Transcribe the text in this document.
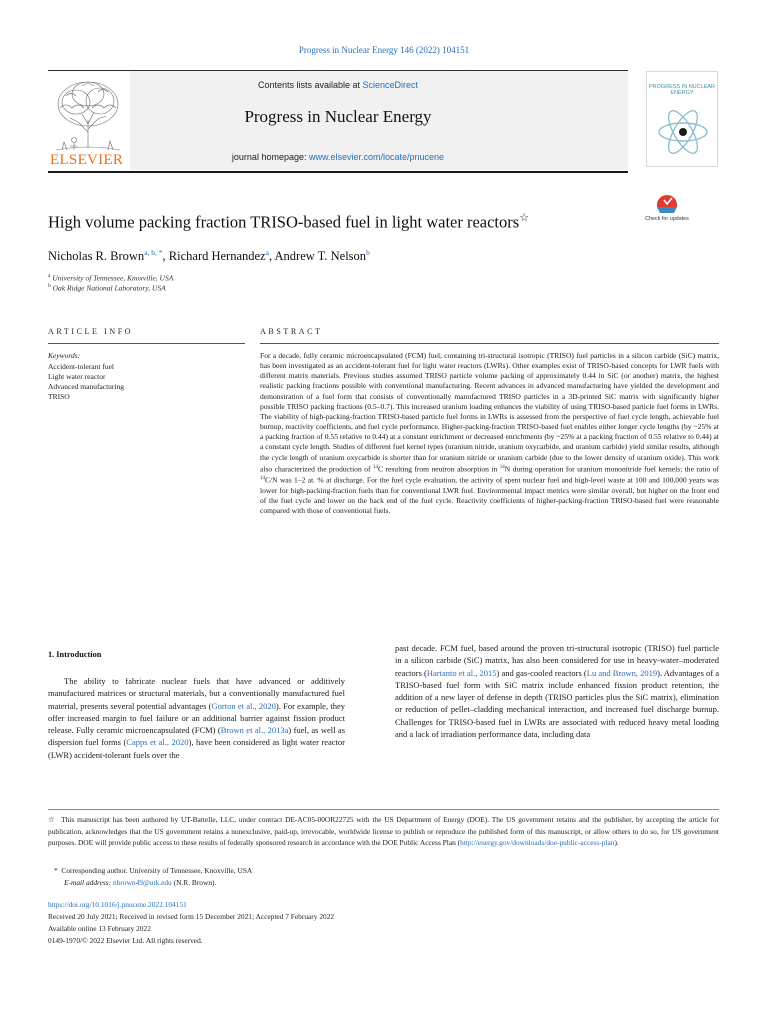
Progress in Nuclear Energy 146 (2022) 104151
ELSEVIER
Contents lists available at ScienceDirect
Progress in Nuclear Energy
journal homepage: www.elsevier.com/locate/pnucene
PROGRESS IN NUCLEAR ENERGY
High volume packing fraction TRISO-based fuel in light water reactors☆	Check for updates
Nicholas R. Brown$^{a, b, *}$, Richard Hernandez$^a$, Andrew T. Nelson$^b$
$^a$ University of Tennessee, Knoxville, USA
$^b$ Oak Ridge National Laboratory, USA
ARTICLE INFO	ABSTRACT
Keywords:
Accident-tolerant fuel
Light water reactor
Advanced manufacturing
TRISO
For a decade, fully ceramic microencapsulated (FCM) fuel, containing tri-structural isotropic (TRISO) fuel particles in a silicon carbide (SiC) matrix, has been investigated as an accident-tolerant fuel for light water reactors (LWRs). Other examples exist of TRISO-based concepts for LWR fuels with different matrix materials. Previous studies assumed TRISO particle volume packing of approximately 0.44 in SiC (or another) matrix, the highest realistic packing fractions possible with conventional manufacturing. Recent advances in advanced manufacturing have yielded the development and demonstration of a fuel form that consists of conventionally manufactured TRISO particles in a 3D-printed SiC matrix with significantly higher possible TRISO packing fractions (0.5–0.7). This increased uranium loading enhances the viability of using TRISO-based particle fuel forms in LWRs. The viability of high-packing-fraction TRISO-based particle fuel forms in LWRs is assessed from the perspective of fuel cycle length, achievable fuel burnup, reactivity coefficients, and fuel cycle performance. Higher-packing-fraction TRISO-based fuel enables either longer cycle lengths (by ~25% at a packing fraction of 0.55 relative to 0.44) at a constant enrichment or decreased enrichments (by ~25% at a packing fraction of 0.55 relative to 0.44) at a constant cycle length. Studies of different fuel kernel types (uranium nitride, uranium oxycarbide, and uranium carbide) yield similar results, although the cycle length of uranium oxycarbide is shorter than for uranium nitride or uranium carbide (due to the lower density of uranium oxide). This work also characterized the production of $^{14}$C resulting from neutron absorption in $^{14}$N during operation for uranium mononitride fuel kernels; the ratio of $^{14}$C/N was 1–2 at. % at discharge. For the fuel cycle evaluation, the activity of spent nuclear fuel and high-level waste at 100 and 100,000 years was lower for high-packing-fraction fuels than for conventional LWR fuel. Environmental impact metrics were similar overall, but higher on the front end of the fuel cycle and lower on the back end of the fuel cycle. Reactivity coefficients of higher-packing-fraction TRISO-based fuel were reasonable compared with those of conventional fuels.
1. Introduction
The ability to fabricate nuclear fuels that have advanced or additively manufactured matrices or structural materials, but a conventionally manufactured fuel material, presents several potential advantages (Gorton et al., 2020). For example, they offer increased margin to fuel failure or an additional barrier against fission product release. Fully ceramic microencapsulated (FCM) (Brown et al., 2013a) fuel, as well as dispersion fuel forms (Capps et al., 2020), have been considered as light water reactor (LWR) accident-tolerant fuels over the
past decade. FCM fuel, based around the proven tri-structural isotropic (TRISO) fuel particle in a silicon carbide (SiC) matrix, has also been considered for use in heavy-water–moderated reactors (Hartanto et al., 2015) and gas-cooled reactors (Lu and Brown, 2019). Advantages of a TRISO-based fuel form with SiC matrix include enhanced fission product retention, the addition of a new layer of defense in depth (TRISO particles plus the SiC matrix), elimination or reduction of pellet–cladding mechanical interaction, and increased fuel discharge burnup. Challenges for TRISO-based fuel in LWRs are associated with reduced heavy metal loading and a lack of irradiation performance data, including data
☆ This manuscript has been authored by UT-Battelle, LLC, under contract DE-AC05-00OR22725 with the US Department of Energy (DOE). The US government retains and the publisher, by accepting the article for publication, acknowledges that the US government retains a nonexclusive, paid-up, irrevocable, worldwide license to publish or reproduce the published form of this manuscript, or allow others to do so, for US government purposes. DOE will provide public access to these results of federally sponsored research in accordance with the DOE Public Access Plan (http://energy.gov/downloads/doe-public-access-plan).
* Corresponding author. University of Tennessee, Knoxville, USA
E-mail address: nbrown49@utk.edu (N.R. Brown).
https://doi.org/10.1016/j.pnucene.2022.104151
Received 20 July 2021; Received in revised form 15 December 2021; Accepted 7 February 2022
Available online 13 February 2022
0149-1970/© 2022 Elsevier Ltd. All rights reserved.
